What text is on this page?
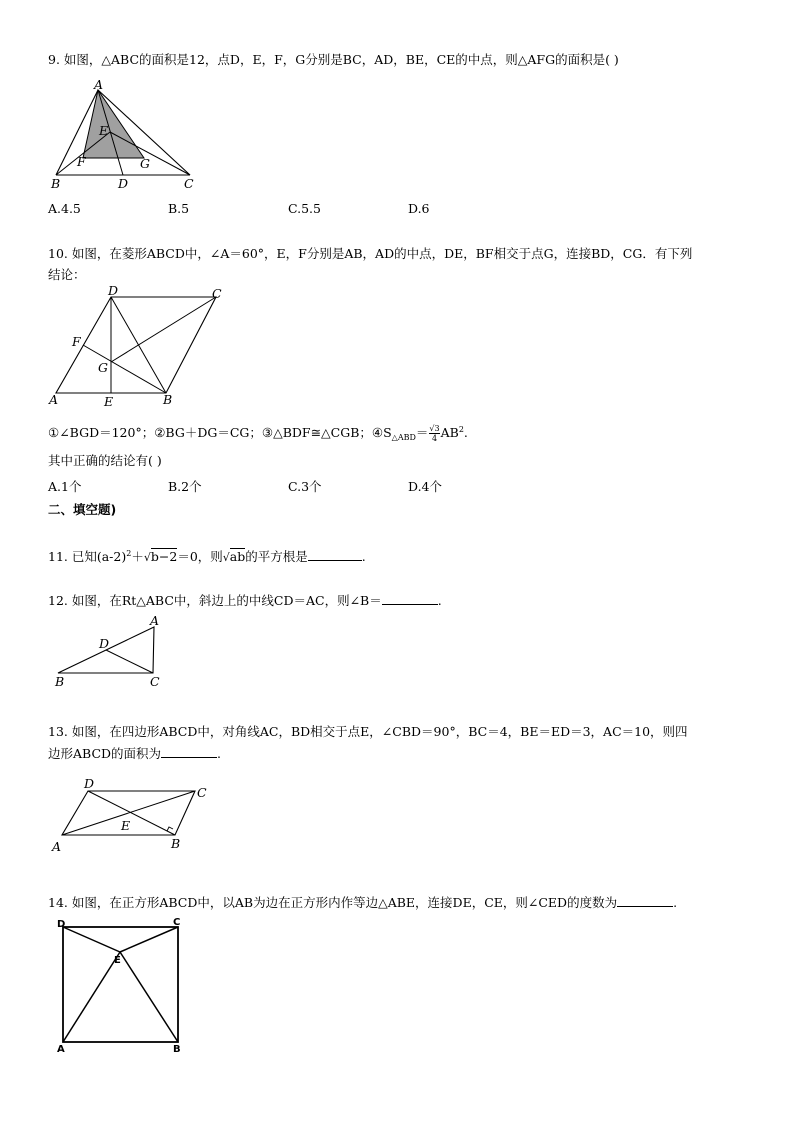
9. 如图，△ABC的面积是12，点D，E，F，G分别是BC，AD，BE，CE的中点，则△AFG的面积是( )
A
B	C
D
E
F	G
A.4.5	B.5	C.5.5	D.6
10. 如图，在菱形ABCD中，∠A＝60°，E，F分别是AB，AD的中点，DE，BF相交于点G，连接BD，CG．有下列
结论：
A	B
C
D
E
F
G
①∠BGD＝120°；②BG＋DG＝CG；③△BDF≅△CGB；$④S_{\triangle ABD}= \frac{√3}{4} AB^2$.
其中正确的结论有( )
A.1个	B.2个	C.3个	D.4个
二、填空题)
11. 已知$(a-2)^2+√b-2=0$，则√ab的平方根是	.
12. 如图，在Rt△ABC中，斜边上的中线CD＝AC，则∠B＝	.
A
B	C
D
13. 如图，在四边形ABCD中，对角线AC，BD相交于点E，∠CBD＝90°，BC＝4，BE＝ED＝3，AC＝10，则四
边形ABCD的面积为	.
A	B
C
D
E
14. 如图，在正方形ABCD中，以AB为边在正方形内作等边△ABE，连接DE，CE，则∠CED的度数为	.
A	B
C
D
E
